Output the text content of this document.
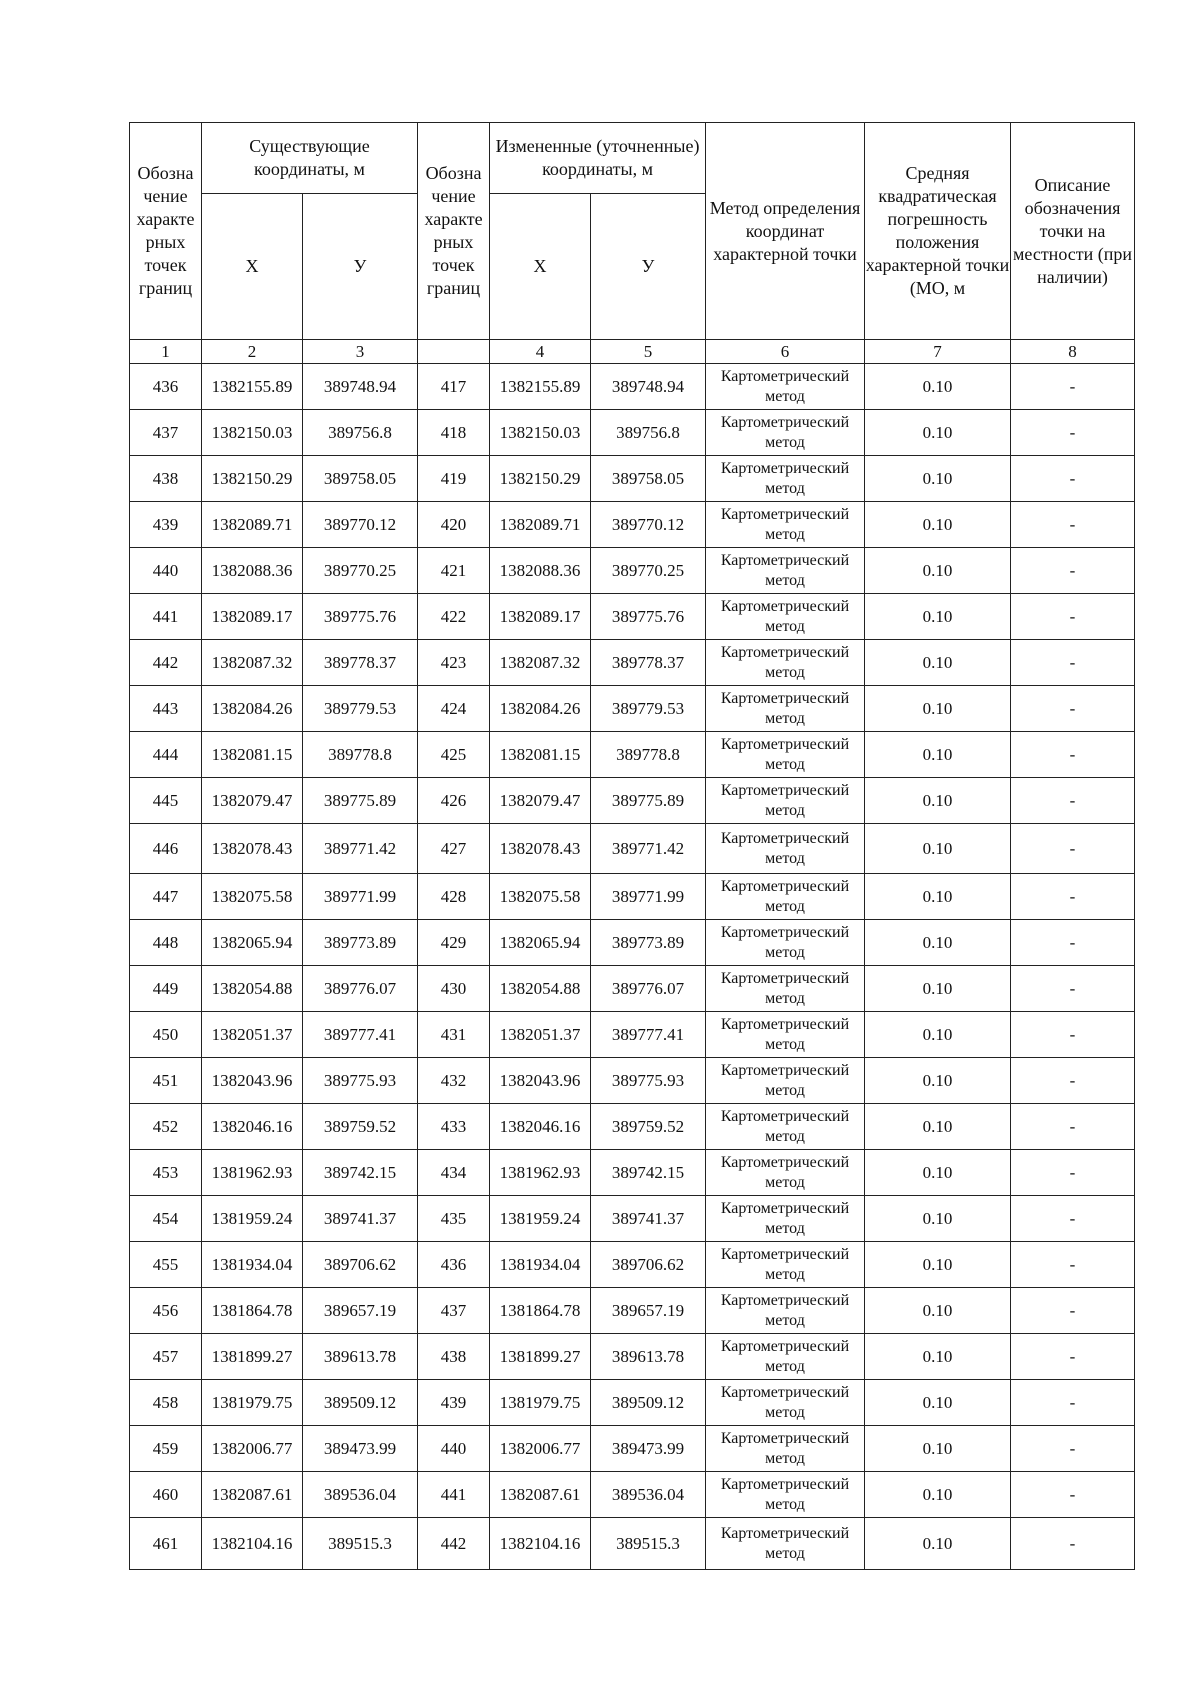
Обозна чение характе рных точек границ	Существующие координаты, м		Обозна чение характе рных точек границ	Измененные (уточненные) координаты, м		Метод определения координат характерной точки	Средняя квадратическая погрешность положения характерной точки (МО, м	Описание обозначения точки на местности (при наличии)
	Х	У		Х	У			
1	2	3		4	5	6	7	8
436	1382155.89	389748.94	417	1382155.89	389748.94	Картометрический метод	0.10	-
437	1382150.03	389756.8	418	1382150.03	389756.8	Картометрический метод	0.10	-
438	1382150.29	389758.05	419	1382150.29	389758.05	Картометрический метод	0.10	-
439	1382089.71	389770.12	420	1382089.71	389770.12	Картометрический метод	0.10	-
440	1382088.36	389770.25	421	1382088.36	389770.25	Картометрический метод	0.10	-
441	1382089.17	389775.76	422	1382089.17	389775.76	Картометрический метод	0.10	-
442	1382087.32	389778.37	423	1382087.32	389778.37	Картометрический метод	0.10	-
443	1382084.26	389779.53	424	1382084.26	389779.53	Картометрический метод	0.10	-
444	1382081.15	389778.8	425	1382081.15	389778.8	Картометрический метод	0.10	-
445	1382079.47	389775.89	426	1382079.47	389775.89	Картометрический метод	0.10	-
446	1382078.43	389771.42	427	1382078.43	389771.42	Картометрический метод	0.10	-
447	1382075.58	389771.99	428	1382075.58	389771.99	Картометрический метод	0.10	-
448	1382065.94	389773.89	429	1382065.94	389773.89	Картометрический метод	0.10	-
449	1382054.88	389776.07	430	1382054.88	389776.07	Картометрический метод	0.10	-
450	1382051.37	389777.41	431	1382051.37	389777.41	Картометрический метод	0.10	-
451	1382043.96	389775.93	432	1382043.96	389775.93	Картометрический метод	0.10	-
452	1382046.16	389759.52	433	1382046.16	389759.52	Картометрический метод	0.10	-
453	1381962.93	389742.15	434	1381962.93	389742.15	Картометрический метод	0.10	-
454	1381959.24	389741.37	435	1381959.24	389741.37	Картометрический метод	0.10	-
455	1381934.04	389706.62	436	1381934.04	389706.62	Картометрический метод	0.10	-
456	1381864.78	389657.19	437	1381864.78	389657.19	Картометрический метод	0.10	-
457	1381899.27	389613.78	438	1381899.27	389613.78	Картометрический метод	0.10	-
458	1381979.75	389509.12	439	1381979.75	389509.12	Картометрический метод	0.10	-
459	1382006.77	389473.99	440	1382006.77	389473.99	Картометрический метод	0.10	-
460	1382087.61	389536.04	441	1382087.61	389536.04	Картометрический метод	0.10	-
461	1382104.16	389515.3	442	1382104.16	389515.3	Картометрический метод	0.10	-
